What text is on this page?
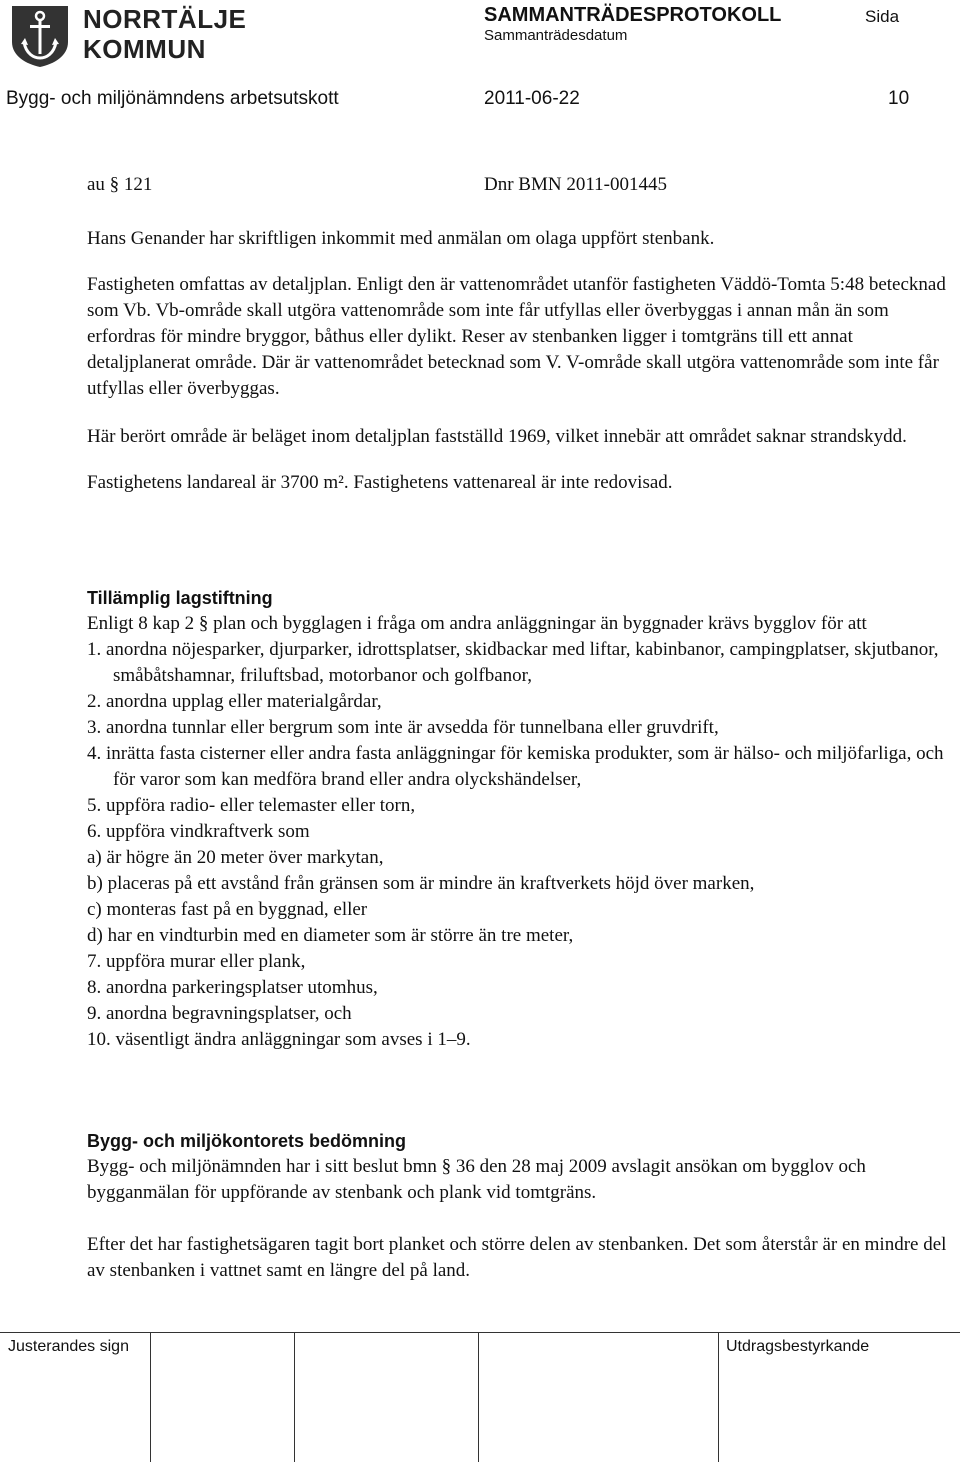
NORRTÄLJE
KOMMUN
SAMMANTRÄDESPROTOKOLL
Sammanträdesdatum
Sida
Bygg- och miljönämndens arbetsutskott	2011-06-22	10
au § 121	Dnr BMN 2011-001445

Hans Genander har skriftligen inkommit med anmälan om olaga uppfört stenbank.

Fastigheten omfattas av detaljplan. Enligt den är vattenområdet utanför fastigheten Väddö-Tomta 5:48 betecknad som Vb. Vb-område skall utgöra vattenområde som inte får utfyllas eller överbyggas i annan mån än som erfordras för mindre bryggor, båthus eller dylikt. Reser av stenbanken ligger i tomtgräns till ett annat detaljplanerat område. Där är vattenområdet betecknad som V. V-område skall utgöra vattenområde som inte får utfyllas eller överbyggas.

Här berört område är beläget inom detaljplan fastställd 1969, vilket innebär att området saknar strandskydd.

Fastighetens landareal är 3700 m². Fastighetens vattenareal är inte redovisad.

Tillämplig lagstiftning

Enligt 8 kap 2 § plan och bygglagen i fråga om andra anläggningar än byggnader krävs bygglov för att

1. anordna nöjesparker, djurparker, idrottsplatser, skidbackar med liftar, kabinbanor, campingplatser, skjutbanor, småbåtshamnar, friluftsbad, motorbanor och golfbanor,

2. anordna upplag eller materialgårdar,

3. anordna tunnlar eller bergrum som inte är avsedda för tunnelbana eller gruvdrift,

4. inrätta fasta cisterner eller andra fasta anläggningar för kemiska produkter, som är hälso- och miljöfarliga, och för varor som kan medföra brand eller andra olyckshändelser,

5. uppföra radio- eller telemaster eller torn,

6. uppföra vindkraftverk som

a) är högre än 20 meter över markytan,

b) placeras på ett avstånd från gränsen som är mindre än kraftverkets höjd över marken,

c) monteras fast på en byggnad, eller

d) har en vindturbin med en diameter som är större än tre meter,

7. uppföra murar eller plank,

8. anordna parkeringsplatser utomhus,

9. anordna begravningsplatser, och

10. väsentligt ändra anläggningar som avses i 1–9.

Bygg- och miljökontorets bedömning

Bygg- och miljönämnden har i sitt beslut bmn § 36 den 28 maj 2009 avslagit ansökan om bygglov och bygganmälan för uppförande av stenbank och plank vid tomtgräns.

Efter det har fastighetsägaren tagit bort planket och större delen av stenbanken. Det som återstår är en mindre del av stenbanken i vattnet samt en längre del på land.

Justerandes sign	Utdragsbestyrkande
